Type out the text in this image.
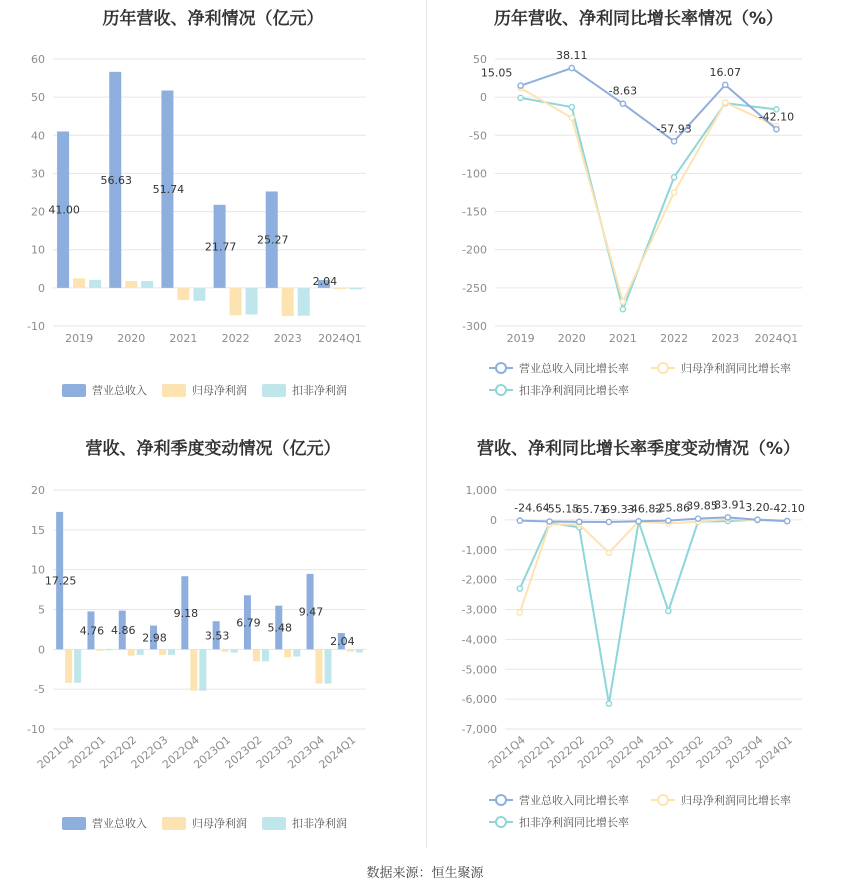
历年营收、净利情况（亿元）
-10
0
10
20
30
40
50
60
2019 2020 2021 2022 2023 2024Q1
41.00
56.63
51.74
21.77
25.27
2.04
营业总收入	归母净利润	扣非净利润
历年营收、净利同比增长率情况（%）
-300
-250
-200
-150
-100
-50
0
50
2019 2020 2021 2022 2023 2024Q1
15.05
38.11
-8.63
-57.93
16.07
-42.10
营业总收入同比增长率	归母净利润同比增长率
扣非净利润同比增长率
营收、净利季度变动情况（亿元）
-10
-5
0
5
10
15
20
2021Q4
2022Q1
2022Q2
2022Q3
2022Q4
2023Q1
2023Q2
2023Q3
2023Q4
2024Q1
17.25
4.76 4.86
2.98
9.18
3.53
6.79 5.48
9.47
2.04
营业总收入	归母净利润	扣非净利润
营收、净利同比增长率季度变动情况（%）
-7,000
-6,000
-5,000
-4,000
-3,000
-2,000
-1,000
0
1,000
2021Q4
2022Q1
2022Q2
2022Q3
2022Q4
2023Q1
2023Q2
2023Q3
2023Q4
2024Q1
-24.64
-55.15
-65.71
-69.33
-46.82
-25.86
39.85
83.91 3.20 -42.10
营业总收入同比增长率	归母净利润同比增长率
扣非净利润同比增长率
数据来源：恒生聚源
